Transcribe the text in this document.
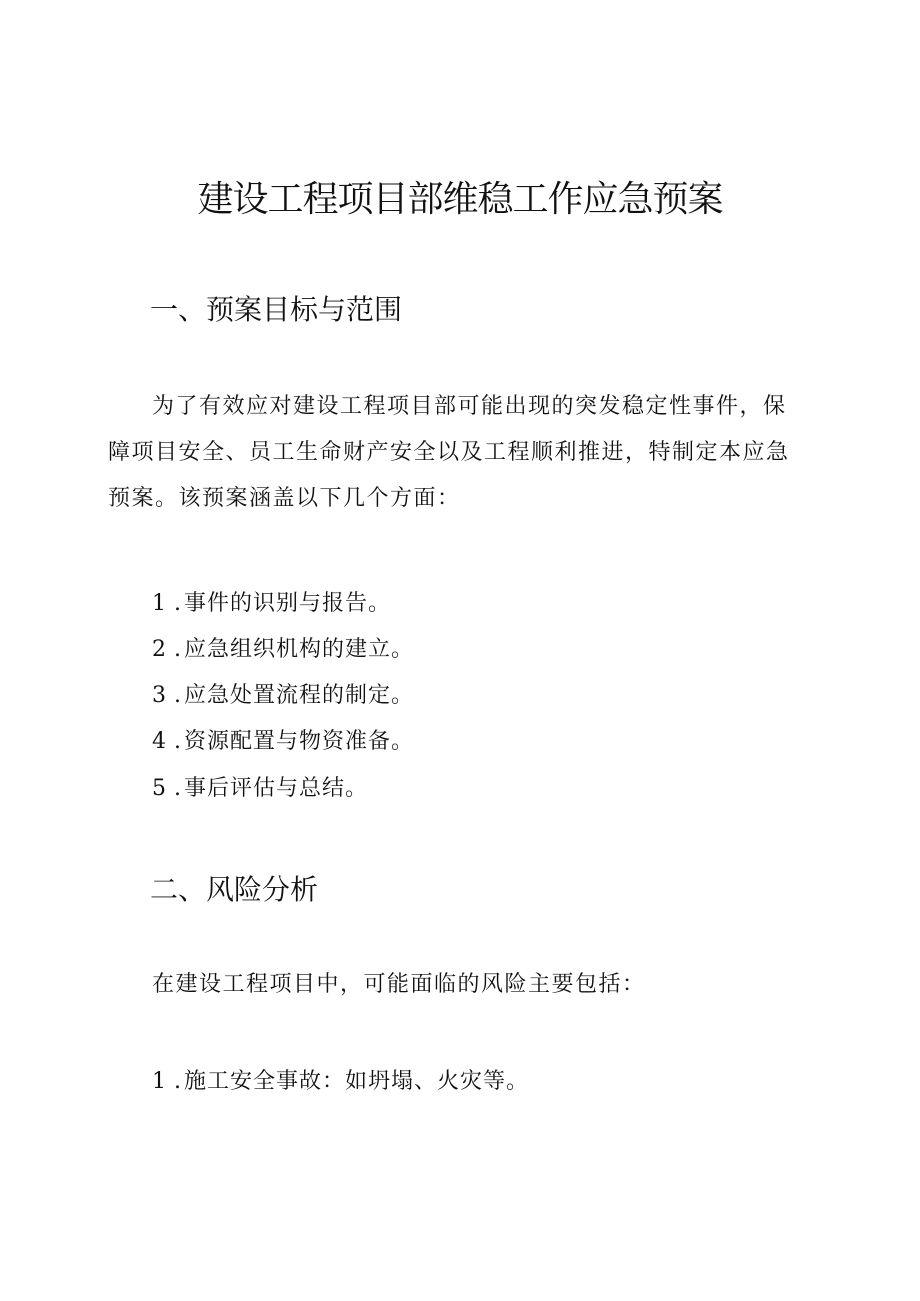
建设工程项目部维稳工作应急预案
一、预案目标与范围
为了有效应对建设工程项目部可能出现的突发稳定性事件，保障项目安全、员工生命财产安全以及工程顺利推进，特制定本应急预案。该预案涵盖以下几个方面：
1 .事件的识别与报告。
2 .应急组织机构的建立。
3 .应急处置流程的制定。
4 .资源配置与物资准备。
5 .事后评估与总结。
二、风险分析
在建设工程项目中，可能面临的风险主要包括：
1 .施工安全事故：如坍塌、火灾等。
